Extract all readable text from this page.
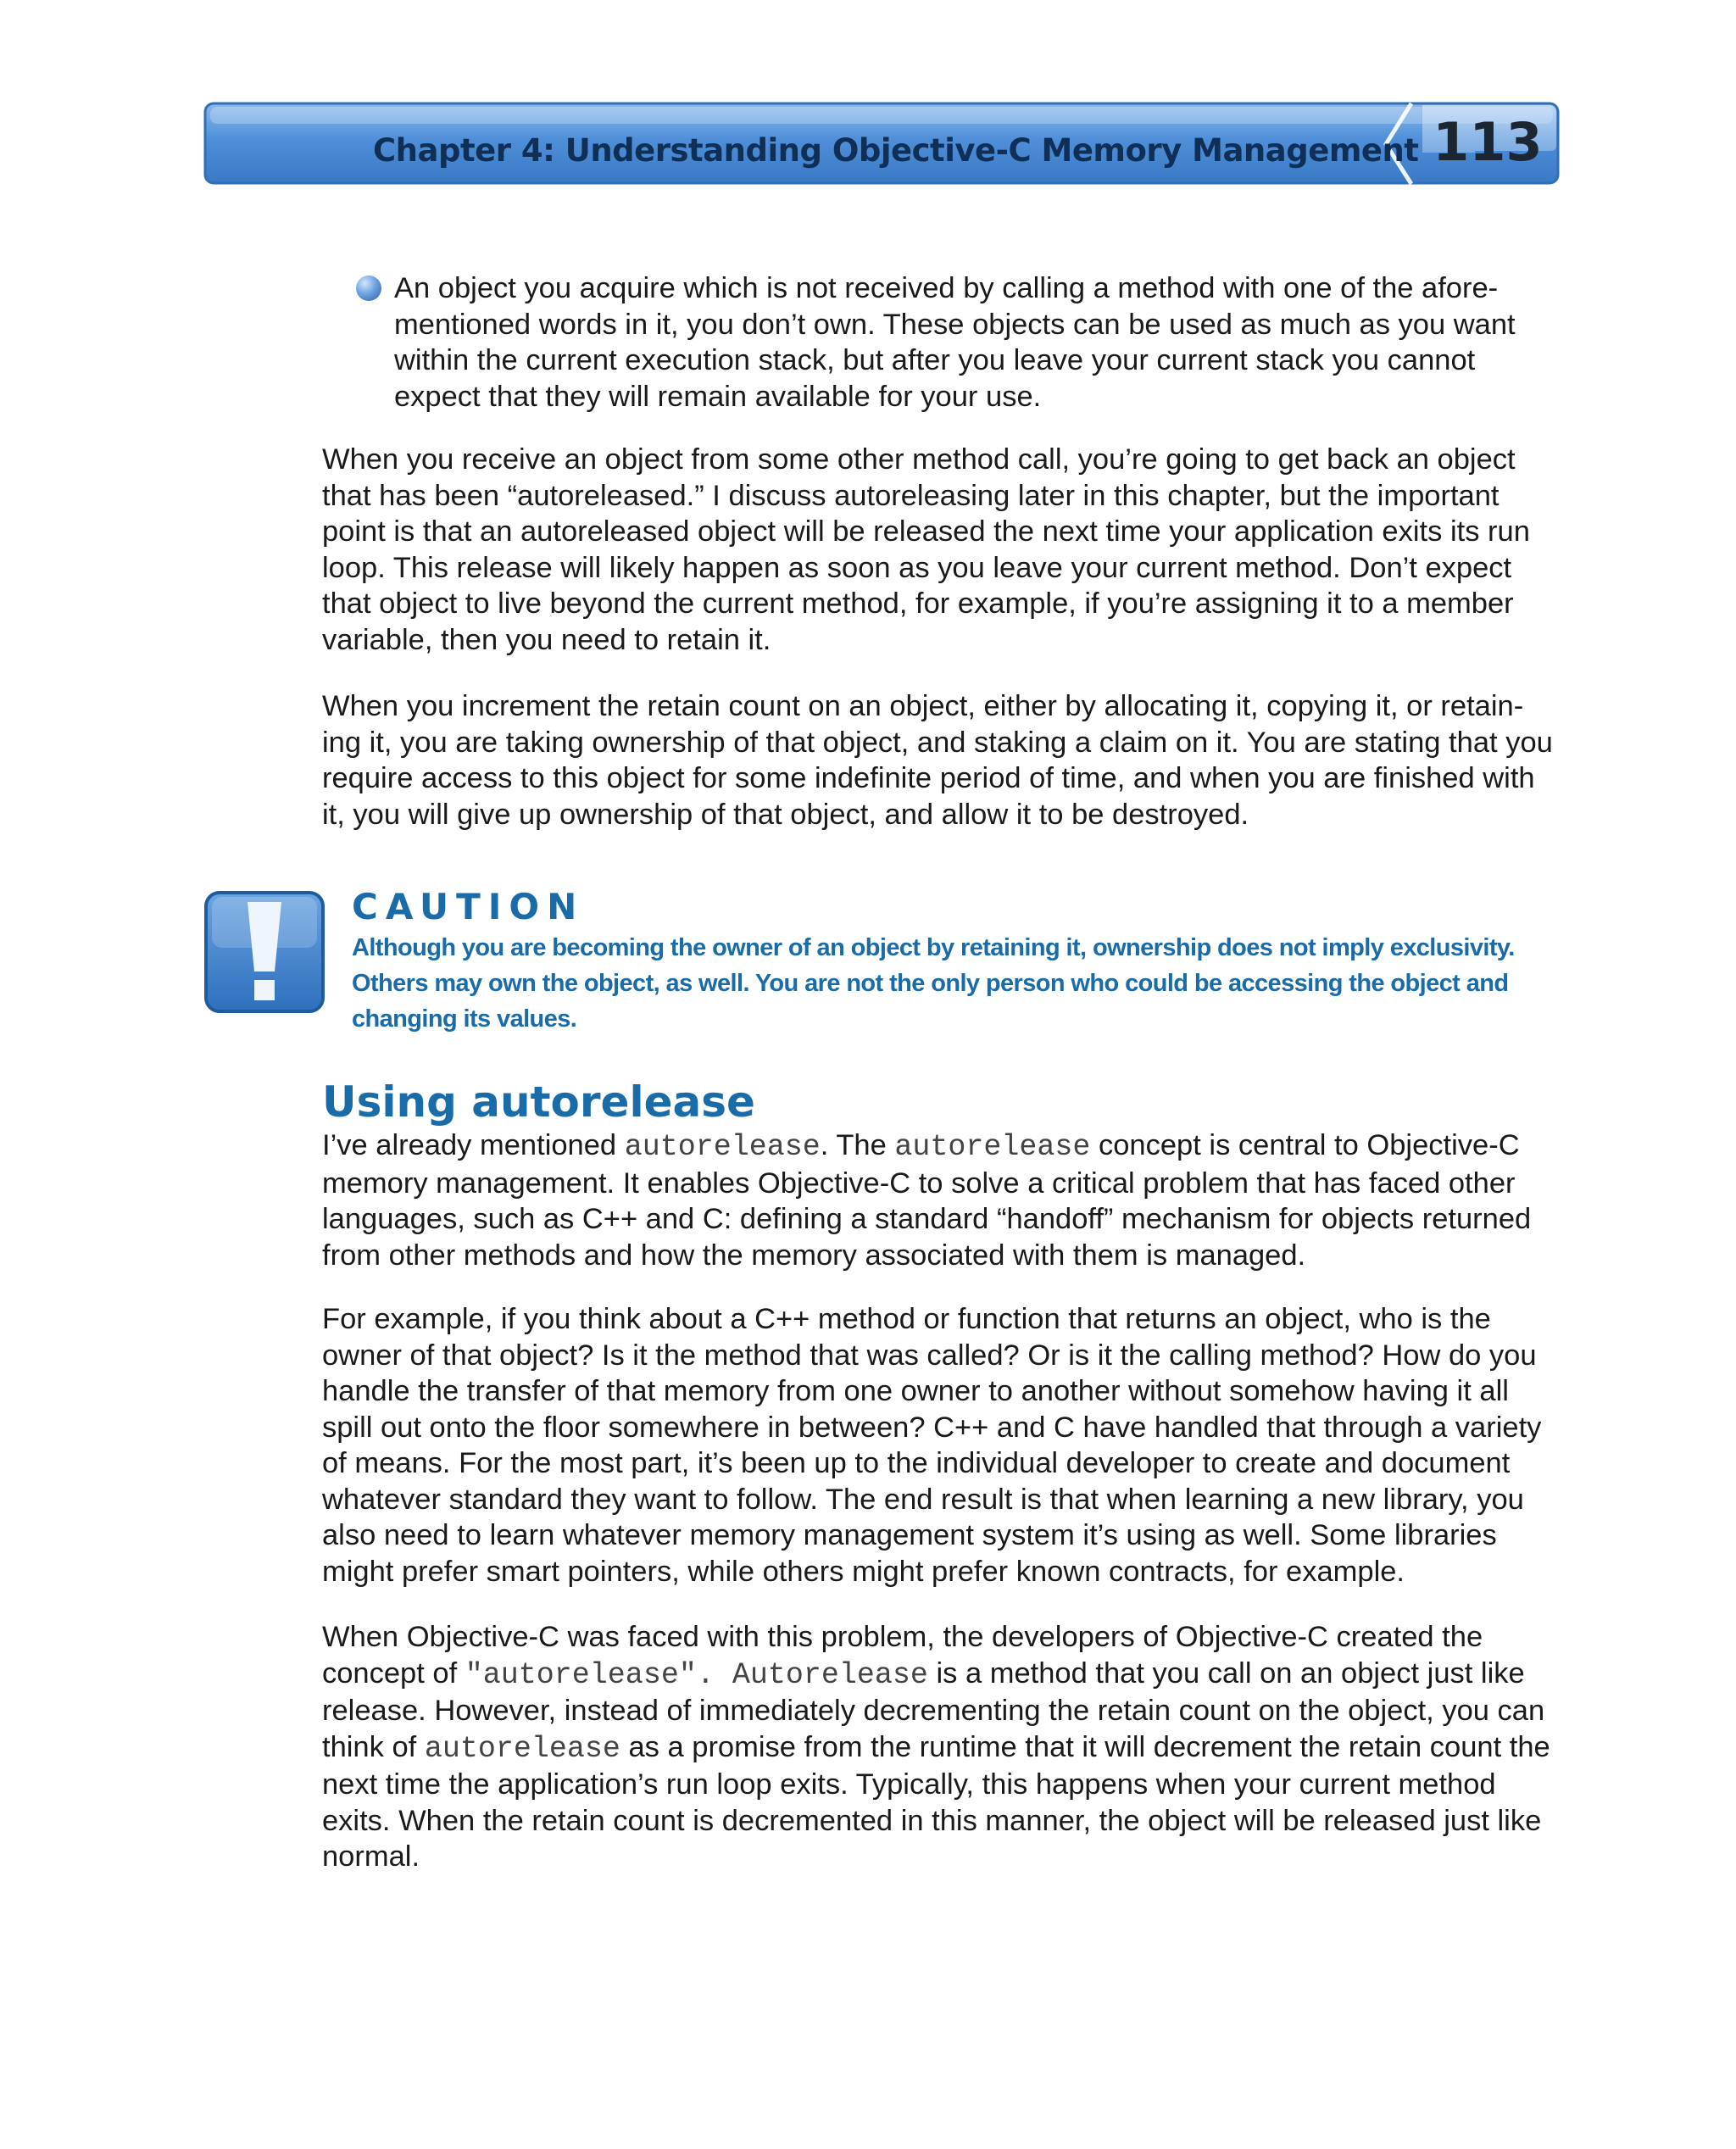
Chapter 4: Understanding Objective-C Memory Management 113
An object you acquire which is not received by calling a method with one of the afore-mentioned words in it, you don’t own. These objects can be used as much as you want within the current execution stack, but after you leave your current stack you cannot expect that they will remain available for your use.

When you receive an object from some other method call, you’re going to get back an object that has been “autoreleased.” I discuss autoreleasing later in this chapter, but the important point is that an autoreleased object will be released the next time your application exits its run loop. This release will likely happen as soon as you leave your current method. Don’t expect that object to live beyond the current method, for example, if you’re assigning it to a member variable, then you need to retain it.

When you increment the retain count on an object, either by allocating it, copying it, or retain-ing it, you are taking ownership of that object, and staking a claim on it. You are stating that you require access to this object for some indefinite period of time, and when you are finished with it, you will give up ownership of that object, and allow it to be destroyed.

CAUTION
Although you are becoming the owner of an object by retaining it, ownership does not imply exclusivity. Others may own the object, as well. You are not the only person who could be accessing the object and changing its values.
Using autorelease

I’ve already mentioned autorelease. The autorelease concept is central to Objective-C memory management. It enables Objective-C to solve a critical problem that has faced other languages, such as C++ and C: defining a standard “handoff” mechanism for objects returned from other methods and how the memory associated with them is managed.

For example, if you think about a C++ method or function that returns an object, who is the owner of that object? Is it the method that was called? Or is it the calling method? How do you handle the transfer of that memory from one owner to another without somehow having it all spill out onto the floor somewhere in between? C++ and C have handled that through a variety of means. For the most part, it’s been up to the individual developer to create and document whatever standard they want to follow. The end result is that when learning a new library, you also need to learn whatever memory management system it’s using as well. Some libraries might prefer smart pointers, while others might prefer known contracts, for example.

When Objective-C was faced with this problem, the developers of Objective-C created the concept of "autorelease". Autorelease is a method that you call on an object just like release. However, instead of immediately decrementing the retain count on the object, you can think of autorelease as a promise from the runtime that it will decrement the retain count the next time the application’s run loop exits. Typically, this happens when your current method exits. When the retain count is decremented in this manner, the object will be released just like normal.
